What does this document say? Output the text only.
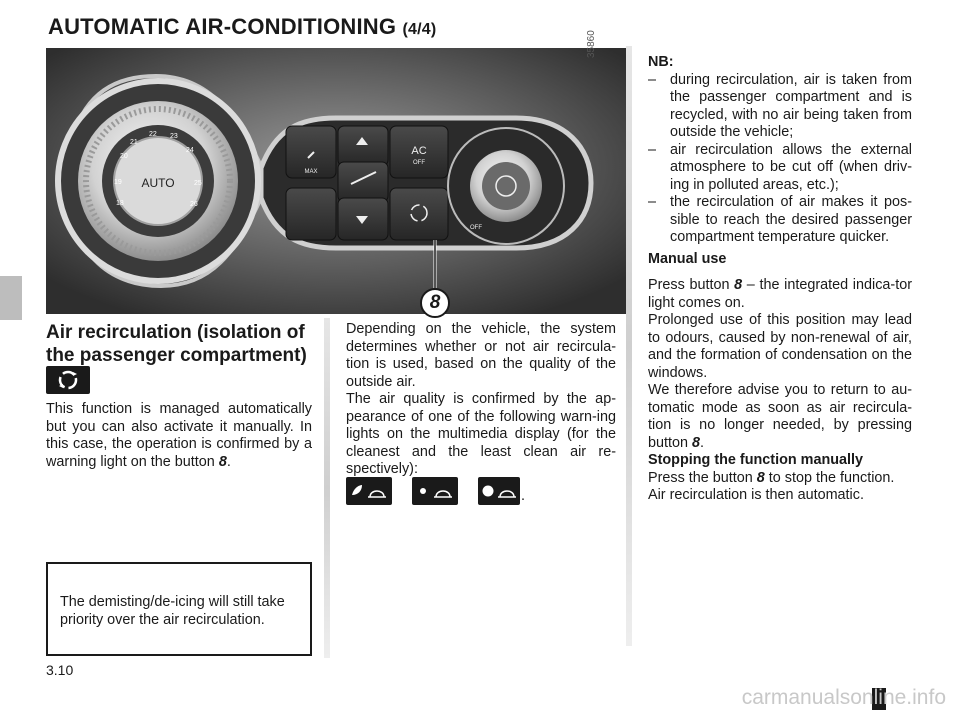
AUTOMATIC AIR-CONDITIONING (4/4)
AUTO
20
21
22 23
24
25
26
19
18
AC
OFF
MAX
OFF
35860
8
Air recirculation (isolation of the passenger compartment)
This function is managed automatically but you can also activate it manually. In this case, the operation is confirmed by a warning light on the button 8.
The demisting/de-icing will still take priority over the air recirculation.
Depending on the vehicle, the system determines whether or not air recircula-tion is used, based on the quality of the outside air.
The air quality is confirmed by the ap-pearance of one of the following warn-ing lights on the multimedia display (for the cleanest and the least clean air re-spectively):
.
NB:
– during recirculation, air is taken from the passenger compartment and is recycled, with no air being taken from outside the vehicle;
– air recirculation allows the external atmosphere to be cut off (when driv-ing in polluted areas, etc.);
– the recirculation of air makes it pos-sible to reach the desired passenger compartment temperature quicker.
Manual use
Press button 8 – the integrated indica-tor light comes on.
Prolonged use of this position may lead to odours, caused by non-renewal of air, and the formation of condensation on the windows.
We therefore advise you to return to au-tomatic mode as soon as air recircula-tion is no longer needed, by pressing button 8.
Stopping the function manually
Press the button 8 to stop the function.
Air recirculation is then automatic.
3.10
carmanualsonline.info
